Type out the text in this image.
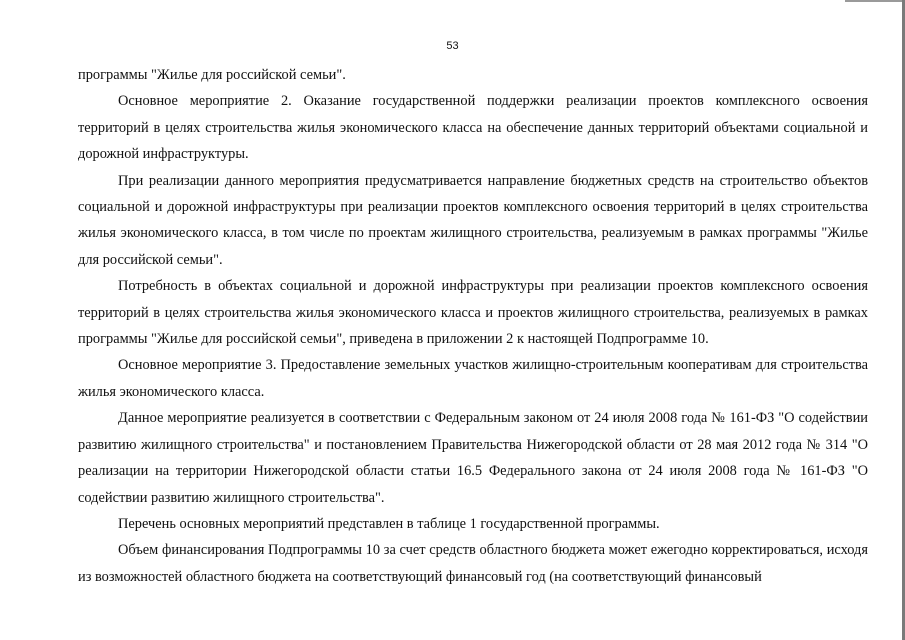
53

программы "Жилье для российской семьи".

Основное мероприятие 2. Оказание государственной поддержки реализации проектов комплексного освоения территорий в целях строительства жилья экономического класса на обеспечение данных территорий объектами социальной и дорожной инфраструктуры.

При реализации данного мероприятия предусматривается направление бюджетных средств на строительство объектов социальной и дорожной инфраструктуры при реализации проектов комплексного освоения территорий в целях строительства жилья экономического класса, в том числе по проектам жилищного строительства, реализуемым в рамках программы "Жилье для российской семьи".

Потребность в объектах социальной и дорожной инфраструктуры при реализации проектов комплексного освоения территорий в целях строительства жилья экономического класса и проектов жилищного строительства, реализуемых в рамках программы "Жилье для российской семьи", приведена в приложении 2 к настоящей Подпрограмме 10.

Основное мероприятие 3. Предоставление земельных участков жилищно-строительным кооперативам для строительства жилья экономического класса.

Данное мероприятие реализуется в соответствии с Федеральным законом от 24 июля 2008 года № 161-ФЗ "О содействии развитию жилищного строительства" и постановлением Правительства Нижегородской области от 28 мая 2012 года № 314 "О реализации на территории Нижегородской области статьи 16.5 Федерального закона от 24 июля 2008 года № 161-ФЗ "О содействии развитию жилищного строительства".

Перечень основных мероприятий представлен в таблице 1 государственной программы.

Объем финансирования Подпрограммы 10 за счет средств областного бюджета может ежегодно корректироваться, исходя из возможностей областного бюджета на соответствующий финансовый год (на соответствующий финансовый
